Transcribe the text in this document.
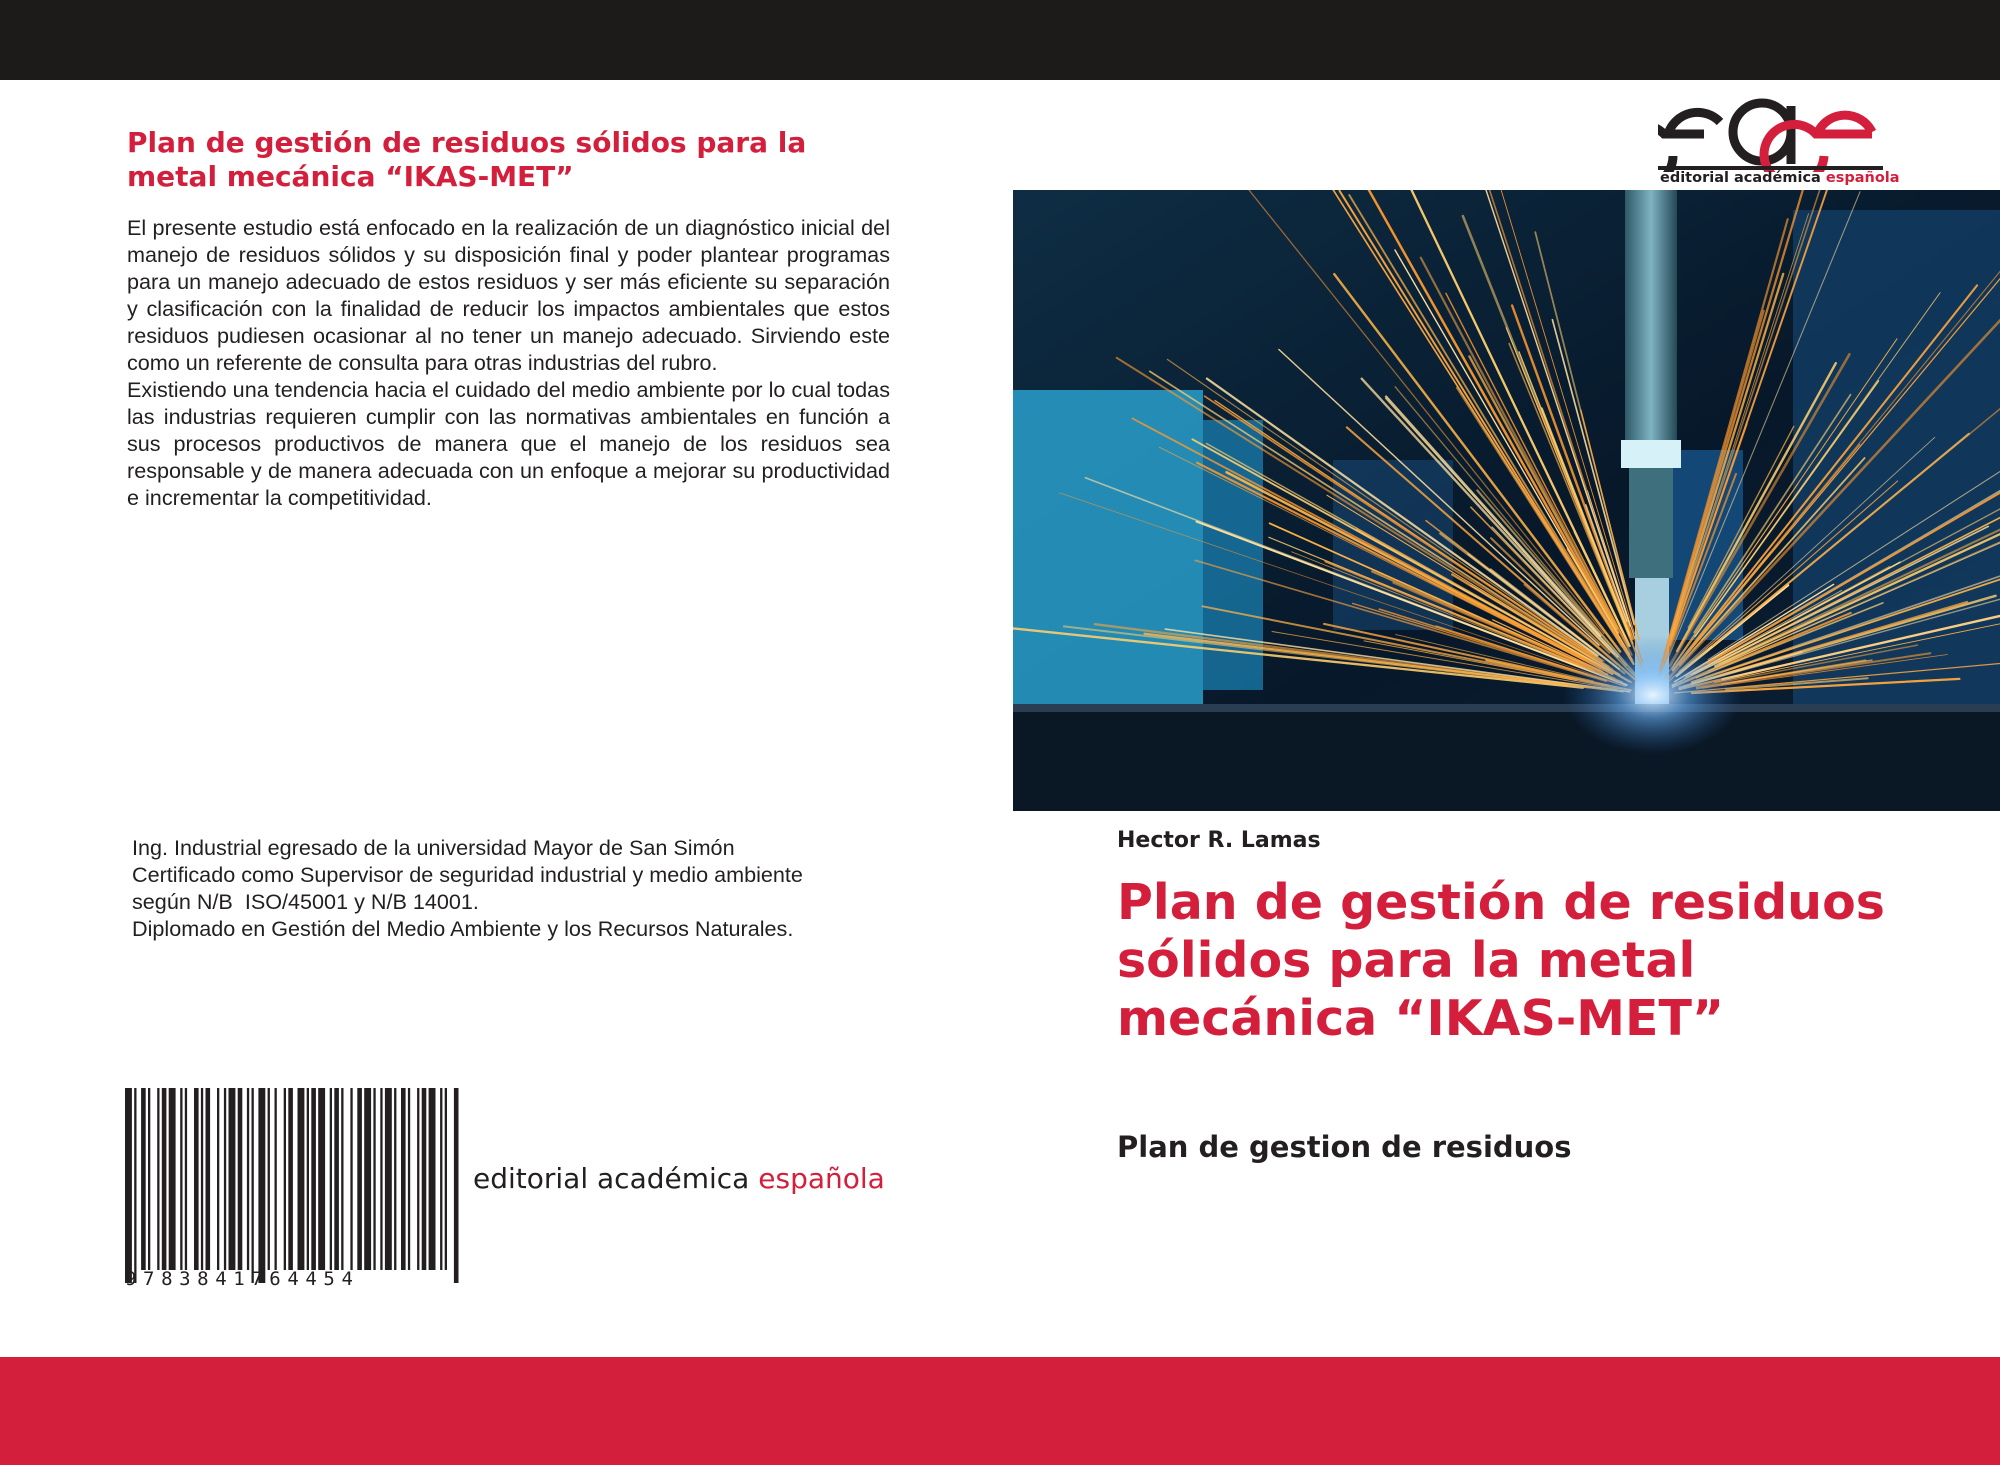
Plan de gestión de residuos sólidos para la metal mecánica “IKAS-MET”

El presente estudio está enfocado en la realización de un diagnóstico inicial del manejo de residuos sólidos y su disposición final y poder plantear programas para un manejo adecuado de estos residuos y ser más eficiente su separación y clasificación con la finalidad de reducir los impactos ambientales que estos residuos pudiesen ocasionar al no tener un manejo adecuado. Sirviendo este como un referente de consulta para otras industrias del rubro.

Existiendo una tendencia hacia el cuidado del medio ambiente por lo cual todas las industrias requieren cumplir con las normativas ambientales en función a sus procesos productivos de manera que el manejo de los residuos sea responsable y de manera adecuada con un enfoque a mejorar su productividad e incrementar la competitividad.

Ing. Industrial egresado de la universidad Mayor de San Simón
Certificado como Supervisor de seguridad industrial y medio ambiente
según N/B  ISO/45001 y N/B 14001.
Diplomado en Gestión del Medio Ambiente y los Recursos Naturales.
9783841764454
editorial académica española
editorial académica española
Hector R. Lamas
Plan de gestión de residuos sólidos para la metal mecánica “IKAS-MET”
Plan de gestion de residuos
